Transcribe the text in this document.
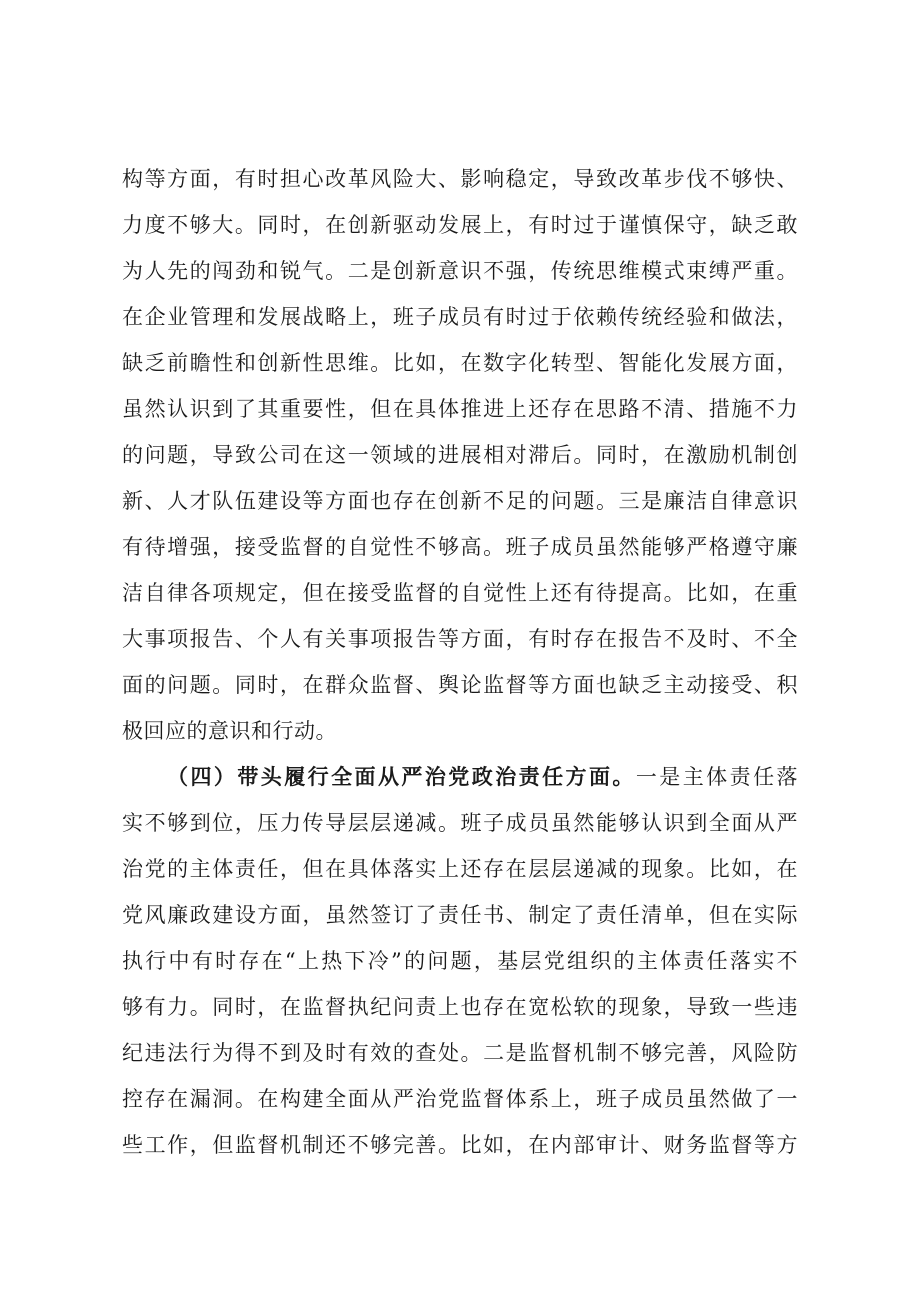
构等方面，有时担心改革风险大、影响稳定，导致改革步伐不够快、
力度不够大。同时，在创新驱动发展上，有时过于谨慎保守，缺乏敢
为人先的闯劲和锐气。二是创新意识不强，传统思维模式束缚严重。
在企业管理和发展战略上，班子成员有时过于依赖传统经验和做法，
缺乏前瞻性和创新性思维。比如，在数字化转型、智能化发展方面，
虽然认识到了其重要性，但在具体推进上还存在思路不清、措施不力
的问题，导致公司在这一领域的进展相对滞后。同时，在激励机制创
新、人才队伍建设等方面也存在创新不足的问题。三是廉洁自律意识
有待增强，接受监督的自觉性不够高。班子成员虽然能够严格遵守廉
洁自律各项规定，但在接受监督的自觉性上还有待提高。比如，在重
大事项报告、个人有关事项报告等方面，有时存在报告不及时、不全
面的问题。同时，在群众监督、舆论监督等方面也缺乏主动接受、积
极回应的意识和行动。
（四）带头履行全面从严治党政治责任方面。一是主体责任落
实不够到位，压力传导层层递减。班子成员虽然能够认识到全面从严
治党的主体责任，但在具体落实上还存在层层递减的现象。比如，在
党风廉政建设方面，虽然签订了责任书、制定了责任清单，但在实际
执行中有时存在“上热下冷”的问题，基层党组织的主体责任落实不
够有力。同时，在监督执纪问责上也存在宽松软的现象，导致一些违
纪违法行为得不到及时有效的查处。二是监督机制不够完善，风险防
控存在漏洞。在构建全面从严治党监督体系上，班子成员虽然做了一
些工作，但监督机制还不够完善。比如，在内部审计、财务监督等方
